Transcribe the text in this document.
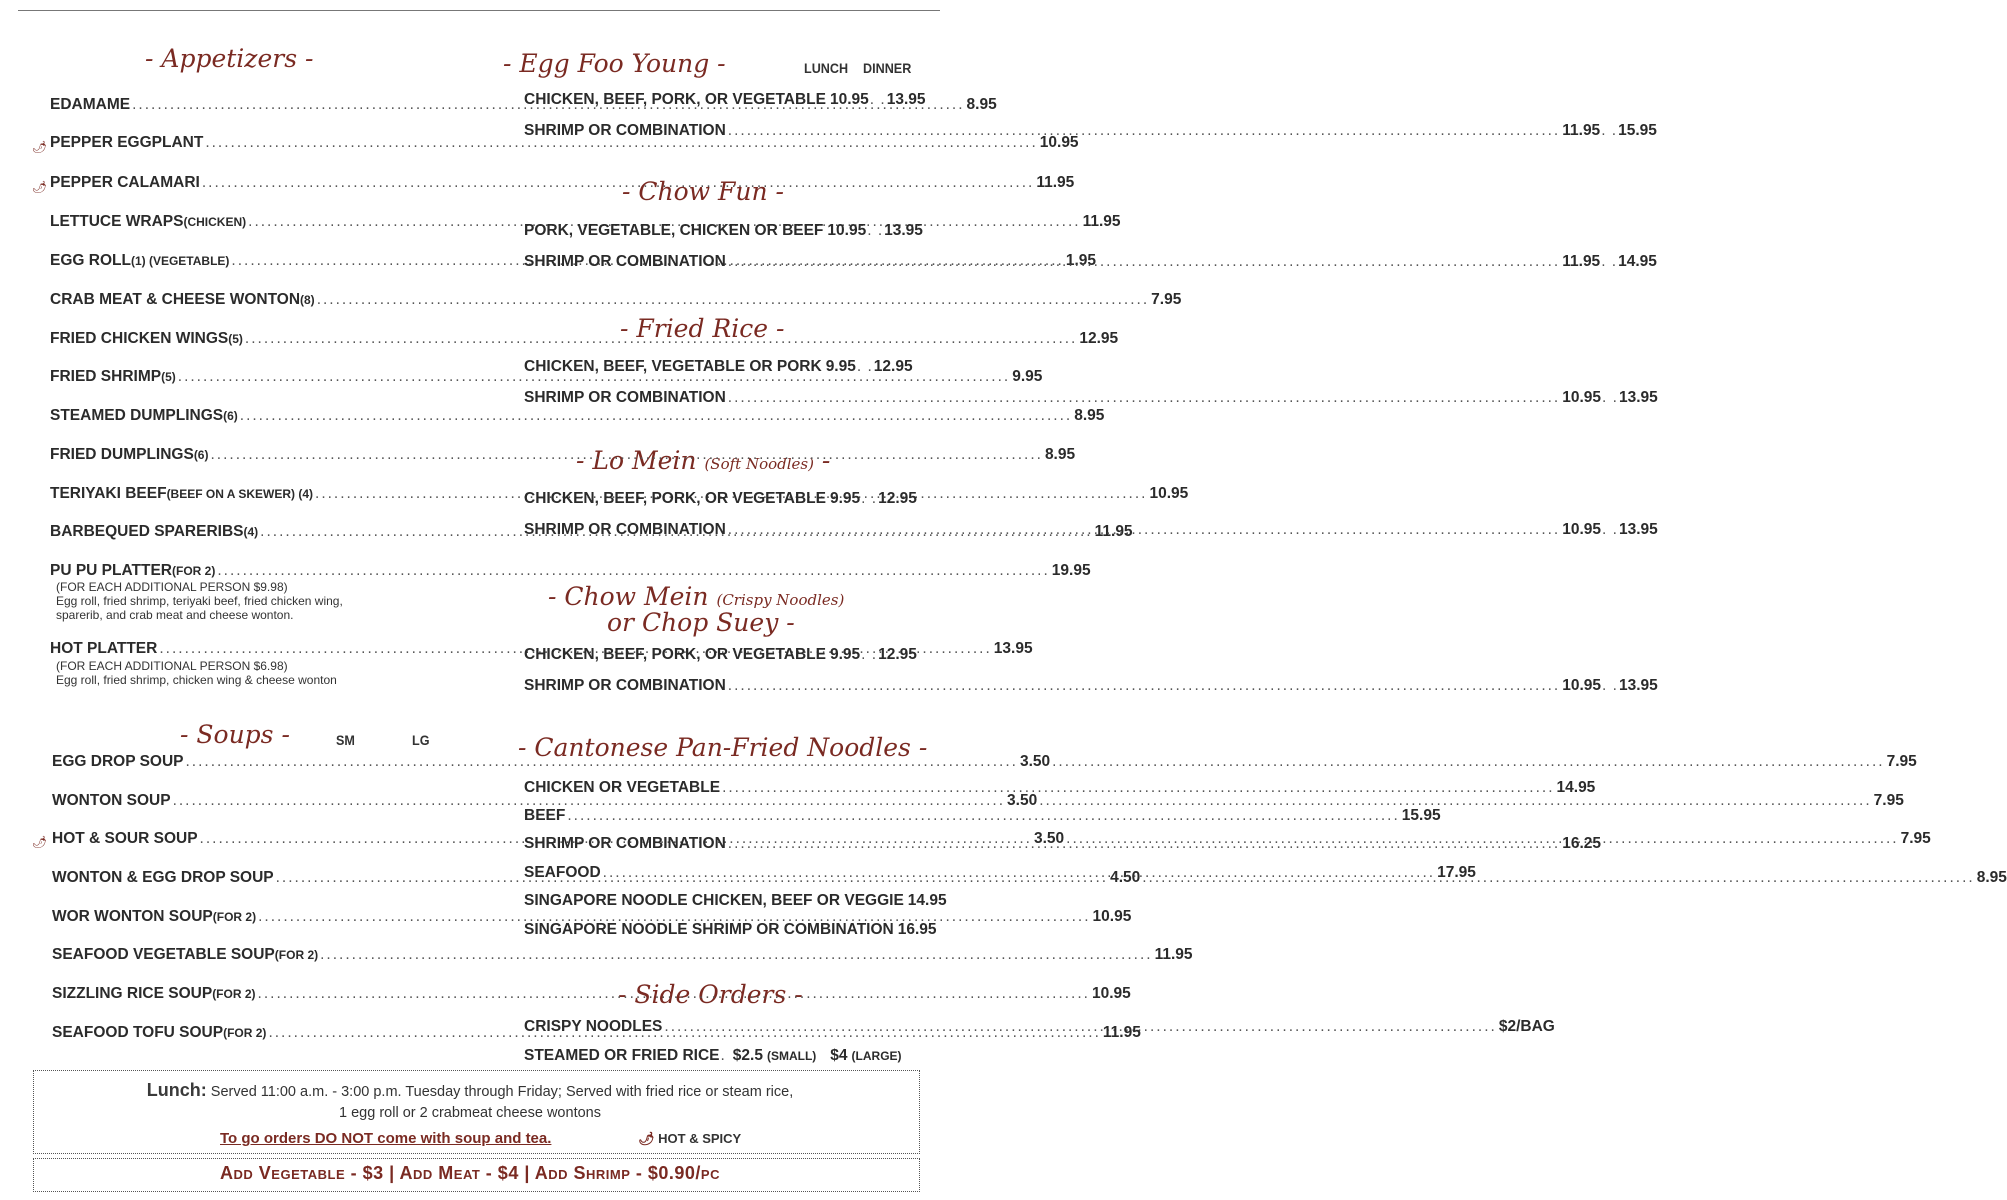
- Appetizers -
(FOR EACH ADDITIONAL PERSON $9.98)
Egg roll, fried shrimp, teriyaki beef, fried chicken wing,
sparerib, and crab meat and cheese wonton.
(FOR EACH ADDITIONAL PERSON $6.98)
Egg roll, fried shrimp, chicken wing & cheese wonton
- Soups -	SM	LG
- Egg Foo Young -	LUNCH DINNER
- Chow Fun -
- Fried Rice -
- Lo Mein (Soft Noodles) -
- Chow Mein (Crispy Noodles)
or Chop Suey -
- Cantonese Pan-Fried Noodles -
- Side Orders -
CRISPY NOODLES .....	$2/BAG
STEAMED OR FRIED RICE . $2.5 (SMALL) $4 (LARGE)
Lunch: Served 11:00 a.m. - 3:00 p.m. Tuesday through Friday; Served with fried rice or steam rice,
1 egg roll or 2 crabmeat cheese wontons
To go orders DO NOT come with soup and tea.	🌶︎ HOT & SPICY
Add Vegetable - $3 | Add Meat - $4 | Add Shrimp - $0.90/pc
EDAMAME .....	8.95
PEPPER EGGPLANT .....	10.95
PEPPER CALAMARI .....	11.95
LETTUCE WRAPS (CHICKEN) .....	11.95
EGG ROLL (1) (VEGETABLE) .....	1.95
CRAB MEAT & CHEESE WONTON (8) .....	7.95
FRIED CHICKEN WINGS (5) .....	12.95
FRIED SHRIMP (5) .....	9.95
STEAMED DUMPLINGS (6) .....	8.95
FRIED DUMPLINGS (6) .....	8.95
TERIYAKI BEEF (BEEF ON A SKEWER) (4) .....	10.95
BARBEQUED SPARERIBS (4) .....	11.95
PU PU PLATTER (FOR 2) .....	19.95
HOT PLATTER .....	13.95
🌶︎
🌶︎
EGG DROP SOUP .....	3.50 .....	7.95
WONTON SOUP .....	3.50 .....	7.95
HOT & SOUR SOUP .....	3.50 .....	7.95
WONTON & EGG DROP SOUP .....	4.50 .....	8.95
WOR WONTON SOUP (FOR 2) .....	10.95
SEAFOOD VEGETABLE SOUP (FOR 2) .....	11.95
SIZZLING RICE SOUP (FOR 2) .....	10.95
SEAFOOD TOFU SOUP (FOR 2) .....	11.95
🌶︎
CHICKEN, BEEF, PORK, OR VEGETABLE 10.95 . . 13.95
SHRIMP OR COMBINATION .....	11.95 . . 15.95
PORK, VEGETABLE, CHICKEN OR BEEF 10.95 . . 13.95
SHRIMP OR COMBINATION .....	11.95 . . 14.95
CHICKEN, BEEF, VEGETABLE OR PORK 9.95 . . 12.95
SHRIMP OR COMBINATION .....	10.95 . . 13.95
CHICKEN, BEEF, PORK, OR VEGETABLE 9.95 . . 12.95
SHRIMP OR COMBINATION .....	10.95 . . 13.95
CHICKEN, BEEF, PORK, OR VEGETABLE 9.95 . . 12.95
SHRIMP OR COMBINATION .....	10.95 . . 13.95
CHICKEN OR VEGETABLE .....	14.95
BEEF .....	15.95
SHRIMP OR COMBINATION .....	16.25
SEAFOOD .....	17.95
SINGAPORE NOODLE CHICKEN, BEEF OR VEGGIE 14.95
SINGAPORE NOODLE SHRIMP OR COMBINATION 16.95
